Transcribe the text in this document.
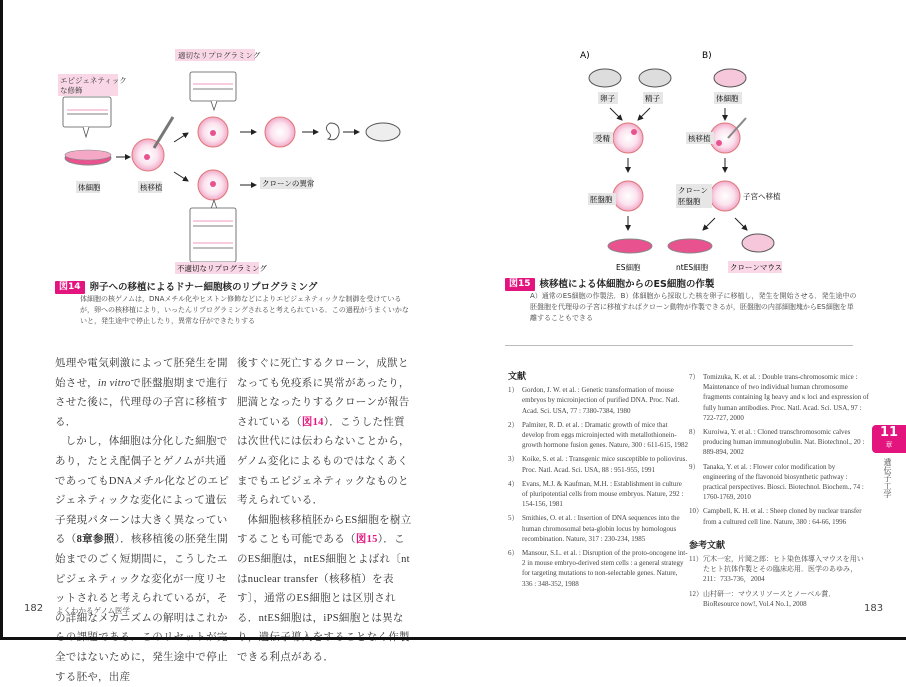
適切なリプログラミング
エピジェネティック
な修飾
体細胞	核移植
不適切なリプログラミング
クローンの異常
図14 卵子への移植によるドナー細胞核のリプログラミング
体細胞の核ゲノムは，DNAメチル化やヒストン修飾などによりエピジェネティックな制御を受けているが，卵への核移植により，いったんリプログラミングされると考えられている．この過程がうまくいかないと，発生途中で停止したり，異常な仔ができたりする
A)	B)
卵子	精子	体細胞
受精	核移植
胚盤胞
クローン
胚盤胞
子宮へ移植
ES細胞	ntES細胞	クローンマウス
図15 核移植による体細胞からのES細胞の作製
A）通常のES細胞の作製法．B）体細胞から採取した核を卵子に移植し，発生を開始させる．発生途中の胚盤胞を代理母の子宮に移植すればクローン動物が作製できるが，胚盤胞の内部細胞塊からES細胞を単離することもできる

処理や電気刺激によって胚発生を開始させ，in vitroで胚盤胞期まで進行させた後に，代理母の子宮に移植する．

しかし，体細胞は分化した細胞であり，たとえ配偶子とゲノムが共通であってもDNAメチル化などのエピジェネティックな変化によって遺伝子発現パターンは大きく異なっている（8章参照）．核移植後の胚発生開始までのごく短期間に，こうしたエピジェネティックな変化が一度リセットされると考えられているが，その詳細なメカニズムの解明はこれからの課題である．このリセットが完全ではないために，発生途中で停止する胚や，出産

後すぐに死亡するクローン，成獣となっても免疫系に異常があったり，肥満となったりするクローンが報告されている（図14）．こうした性質は次世代には伝わらないことから，ゲノム変化によるものではなくあくまでもエピジェネティックなものと考えられている．

体細胞核移植胚からES細胞を樹立することも可能である（図15）．このES細胞は，ntES細胞とよばれ〔ntはnuclear transfer（核移植）を表す〕，通常のES細胞とは区別される．ntES細胞は，iPS細胞とは異なり，遺伝子導入をすることなく作製できる利点がある．

文献
1） Gordon, J. W. et al. : Genetic transformation of mouse embryos by microinjection of purified DNA. Proc. Natl. Acad. Sci. USA, 77 : 7380-7384, 1980
2） Palmiter, R. D. et al. : Dramatic growth of mice that develop from eggs microinjected with metallothionein-growth hormone fusion genes. Nature, 300 : 611-615, 1982
3） Koike, S. et al. : Transgenic mice susceptible to poliovirus. Proc. Natl. Acad. Sci. USA, 88 : 951-955, 1991
4） Evans, M.J. & Kaufman, M.H. : Establishment in culture of pluripotential cells from mouse embryos. Nature, 292 : 154-156, 1981
5） Smithies, O. et al. : Insertion of DNA sequences into the human chromosomal beta-globin locus by homologous recombination. Nature, 317 : 230-234, 1985
6） Mansour, S.L. et al. : Disruption of the proto-oncogene int-2 in mouse embryo-derived stem cells : a general strategy for targeting mutations to non-selectable genes. Nature, 336 : 348-352, 1988
7） Tomizuka, K. et al. : Double trans-chromosomic mice : Maintenance of two individual human chromosome fragments containing Ig heavy and κ loci and expression of fully human antibodies. Proc. Natl. Acad. Sci. USA, 97 : 722-727, 2000
8） Kuroiwa, Y. et al. : Cloned transchromosomic calves producing human immunoglobulin. Nat. Biotechnol., 20 : 889-894, 2002
9） Tanaka, Y. et al. : Flower color modification by engineering of the flavonoid biosynthetic pathway : practical perspectives. Biosci. Biotechnol. Biochem., 74 : 1760-1769, 2010
10） Campbell, K. H. et al. : Sheep cloned by nuclear transfer from a cultured cell line. Nature, 380 : 64-66, 1996
参考文献
11） 冗木一宏，片岡之郎：ヒト染色体導入マウスを用いたヒト抗体作製とその臨床応用．医学のあゆみ，211：733-736，2004
12） 山村研一：マウスリソースとノーベル賞．BioResource now!, Vol.4 No.1, 2008
11
章
遺伝子工学
182 よくわかるゲノム医学	183
